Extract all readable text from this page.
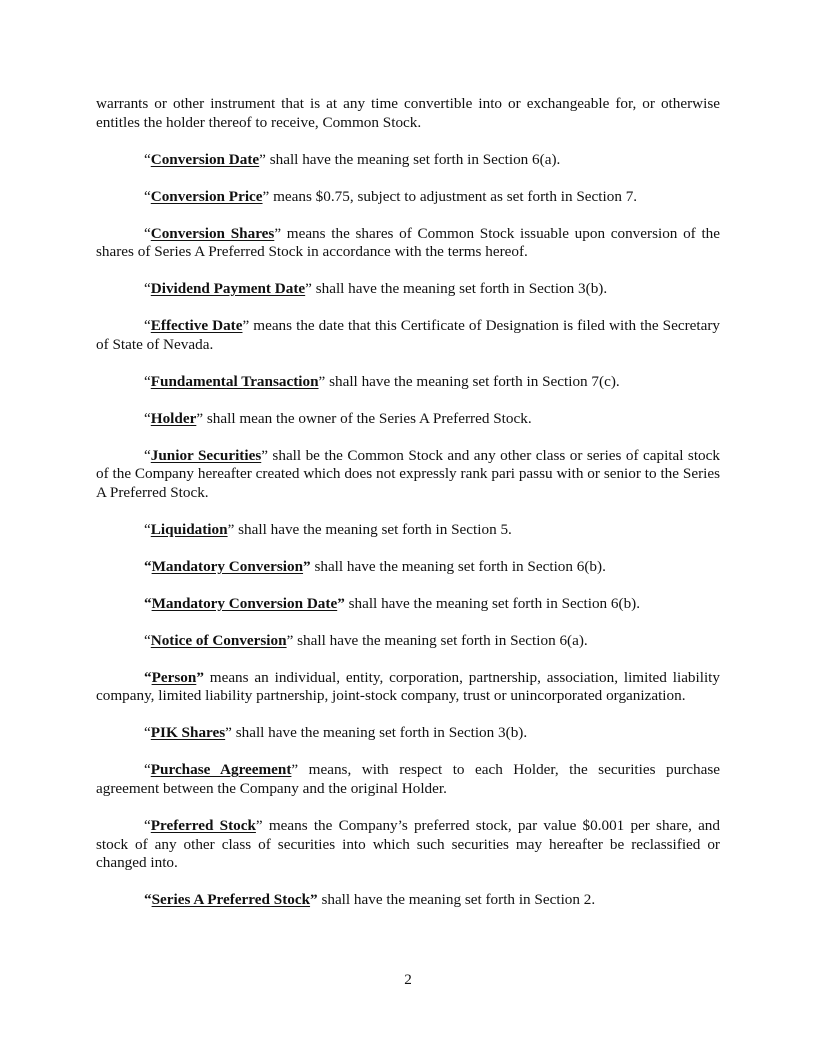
warrants or other instrument that is at any time convertible into or exchangeable for, or otherwise entitles the holder thereof to receive, Common Stock.

“Conversion Date” shall have the meaning set forth in Section 6(a).

“Conversion Price” means $0.75, subject to adjustment as set forth in Section 7.

“Conversion Shares” means the shares of Common Stock issuable upon conversion of the shares of Series A Preferred Stock in accordance with the terms hereof.

“Dividend Payment Date” shall have the meaning set forth in Section 3(b).

“Effective Date” means the date that this Certificate of Designation is filed with the Secretary of State of Nevada.

“Fundamental Transaction” shall have the meaning set forth in Section 7(c).

“Holder” shall mean the owner of the Series A Preferred Stock.

“Junior Securities” shall be the Common Stock and any other class or series of capital stock of the Company hereafter created which does not expressly rank pari passu with or senior to the Series A Preferred Stock.

“Liquidation” shall have the meaning set forth in Section 5.

“Mandatory Conversion” shall have the meaning set forth in Section 6(b).

“Mandatory Conversion Date” shall have the meaning set forth in Section 6(b).

“Notice of Conversion” shall have the meaning set forth in Section 6(a).

“Person” means an individual, entity, corporation, partnership, association, limited liability company, limited liability partnership, joint-stock company, trust or unincorporated organization.

“PIK Shares” shall have the meaning set forth in Section 3(b).

“Purchase Agreement” means, with respect to each Holder, the securities purchase agreement between the Company and the original Holder.

“Preferred Stock” means the Company’s preferred stock, par value $0.001 per share, and stock of any other class of securities into which such securities may hereafter be reclassified or changed into.

“Series A Preferred Stock” shall have the meaning set forth in Section 2.

2
